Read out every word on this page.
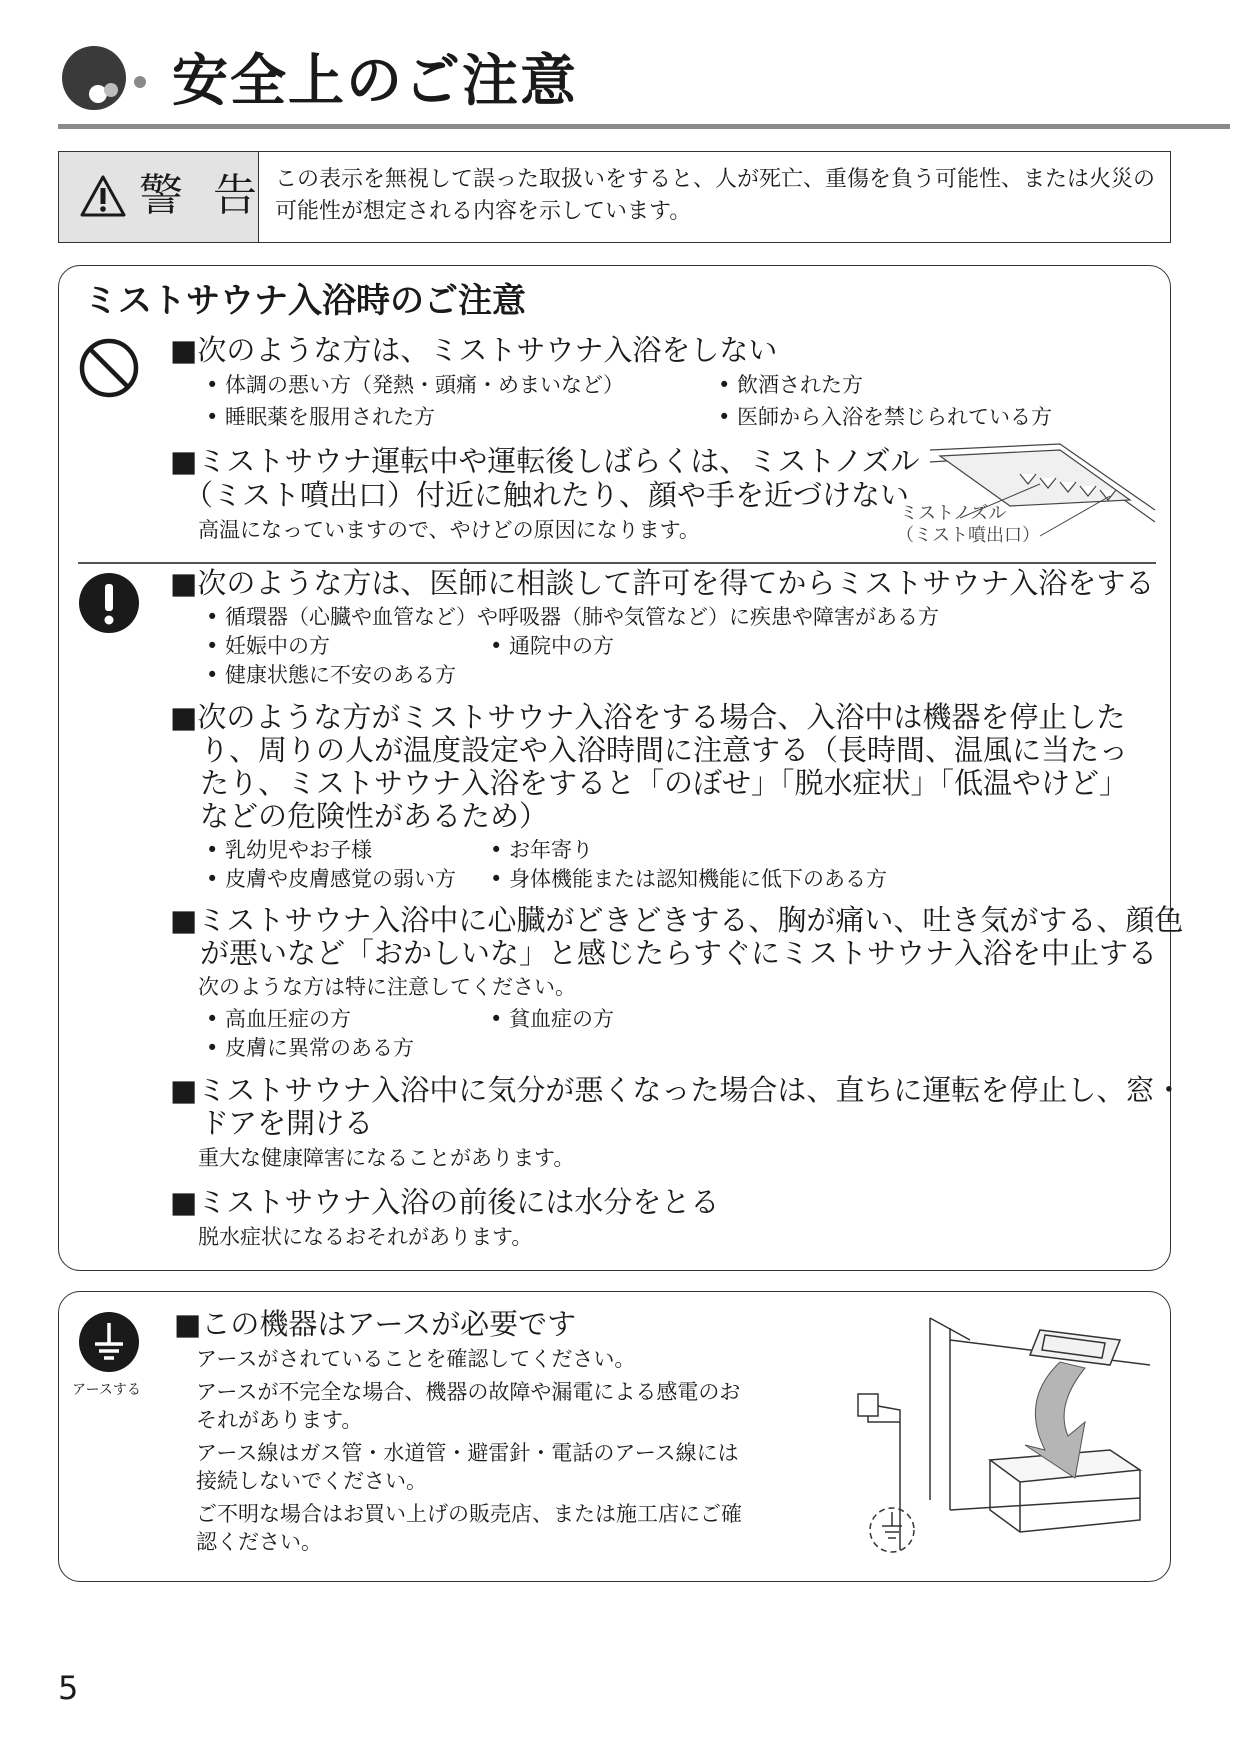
安全上のご注意
警 告 この表示を無視して誤った取扱いをすると、人が死亡、重傷を負う可能性、または火災の可能性が想定される内容を示しています。
ミストサウナ入浴時のご注意
■次のような方は、ミストサウナ入浴をしない
• 体調の悪い方（発熱・頭痛・めまいなど）	• 飲酒された方
• 睡眠薬を服用された方	• 医師から入浴を禁じられている方
■ミストサウナ運転中や運転後しばらくは、ミストノズル
（ミスト噴出口）付近に触れたり、顔や手を近づけない
高温になっていますので、やけどの原因になります。
ミストノズル
（ミスト噴出口）
■次のような方は、医師に相談して許可を得てからミストサウナ入浴をする
• 循環器（心臓や血管など）や呼吸器（肺や気管など）に疾患や障害がある方
• 妊娠中の方	• 通院中の方
• 健康状態に不安のある方
■次のような方がミストサウナ入浴をする場合、入浴中は機器を停止した
り、周りの人が温度設定や入浴時間に注意する（長時間、温風に当たっ
たり、ミストサウナ入浴をすると「のぼせ」「脱水症状」「低温やけど」
などの危険性があるため）
• 乳幼児やお子様	• お年寄り
• 皮膚や皮膚感覚の弱い方 • 身体機能または認知機能に低下のある方
■ミストサウナ入浴中に心臓がどきどきする、胸が痛い、吐き気がする、顔色
が悪いなど「おかしいな」と感じたらすぐにミストサウナ入浴を中止する
次のような方は特に注意してください。
• 高血圧症の方	• 貧血症の方
• 皮膚に異常のある方
■ミストサウナ入浴中に気分が悪くなった場合は、直ちに運転を停止し、窓・
ドアを開ける
重大な健康障害になることがあります。
■ミストサウナ入浴の前後には水分をとる
脱水症状になるおそれがあります。
アースする
■この機器はアースが必要です
アースがされていることを確認してください。
アースが不完全な場合、機器の故障や漏電による感電のお
それがあります。
アース線はガス管・水道管・避雷針・電話のアース線には
接続しないでください。
ご不明な場合はお買い上げの販売店、または施工店にご確
認ください。
5
